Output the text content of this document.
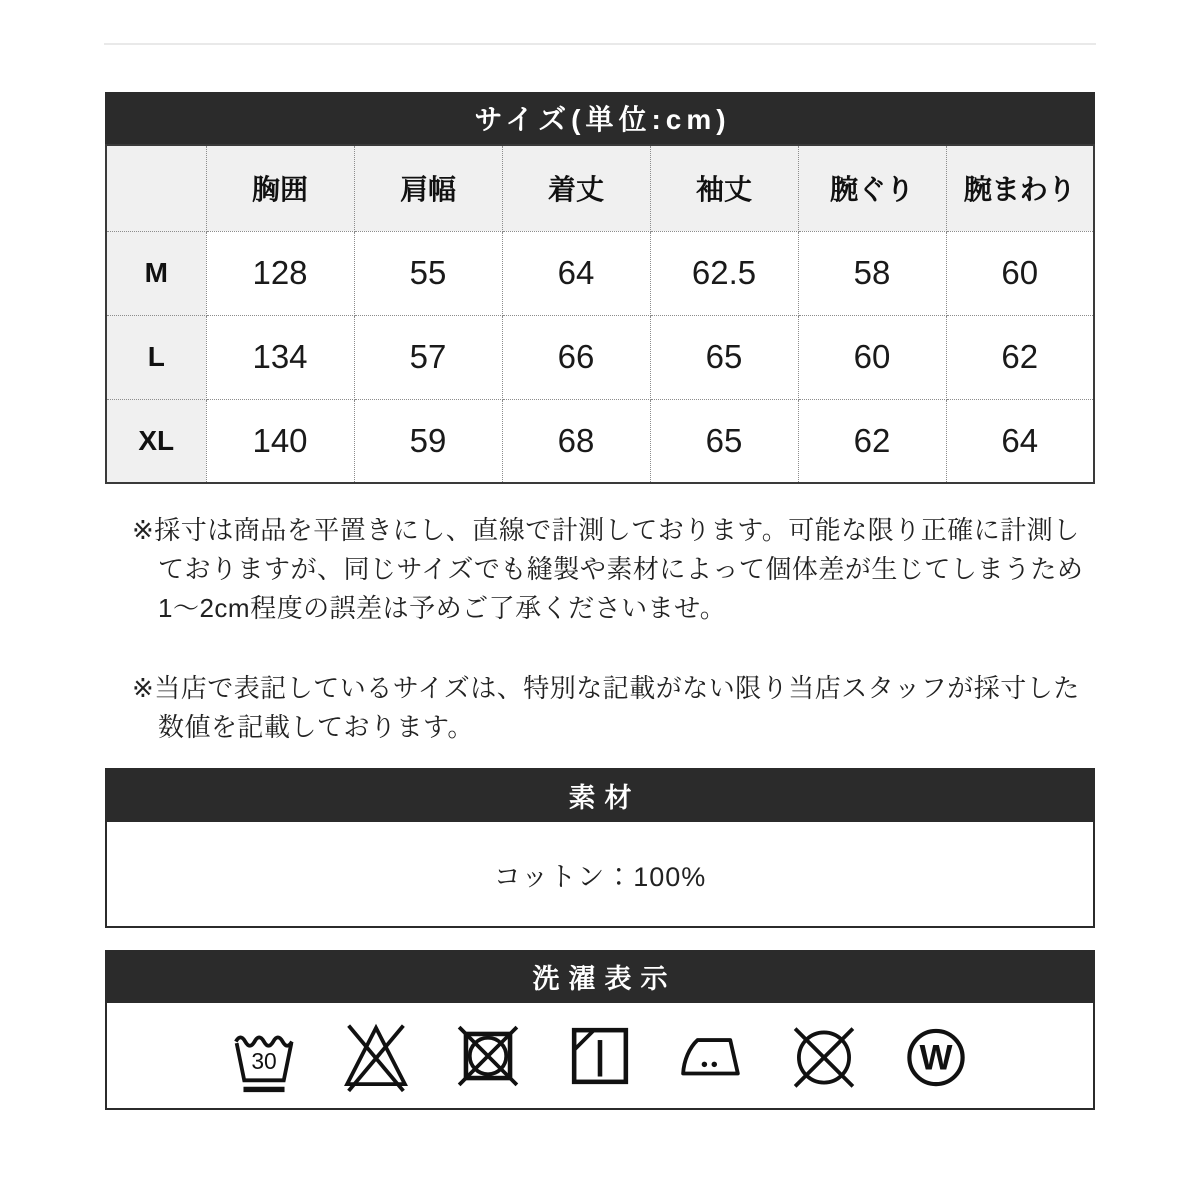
サイズ(単位:cm)
	胸囲	肩幅	着丈	袖丈	腕ぐり	腕まわり
M	128	55	64	62.5	58	60
L	134	57	66	65	60	62
XL	140	59	68	65	62	64
※採寸は商品を平置きにし、直線で計測しております。可能な限り正確に計測し
ておりますが、同じサイズでも縫製や素材によって個体差が生じてしまうため
1〜2cm程度の誤差は予めご了承くださいませ。
※当店で表記しているサイズは、特別な記載がない限り当店スタッフが採寸した
数値を記載しております。
素材
コットン：100%
洗濯表示
30	W
